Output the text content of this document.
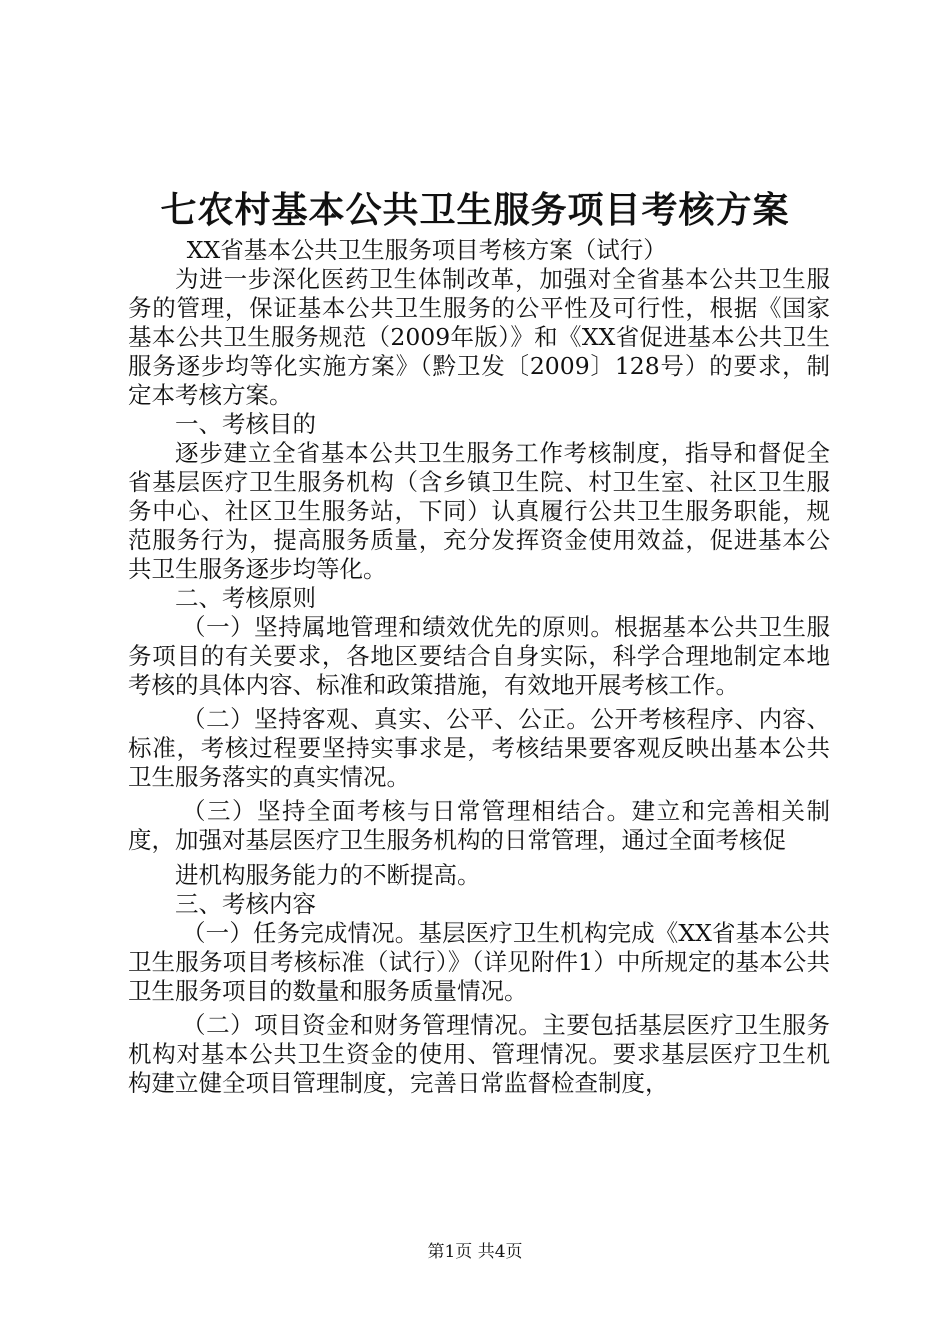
七农村基本公共卫生服务项目考核方案

XX省基本公共卫生服务项目考核方案（试行）

为进一步深化医药卫生体制改革，加强对全省基本公共卫生服务的管理，保证基本公共卫生服务的公平性及可行性，根据《国家基本公共卫生服务规范（2009年版）》和《XX省促进基本公共卫生服务逐步均等化实施方案》（黔卫发〔2009〕128号）的要求，制定本考核方案。

一、考核目的

逐步建立全省基本公共卫生服务工作考核制度，指导和督促全省基层医疗卫生服务机构（含乡镇卫生院、村卫生室、社区卫生服务中心、社区卫生服务站，下同）认真履行公共卫生服务职能，规范服务行为，提高服务质量，充分发挥资金使用效益，促进基本公共卫生服务逐步均等化。

二、考核原则

（一）坚持属地管理和绩效优先的原则。根据基本公共卫生服务项目的有关要求，各地区要结合自身实际，科学合理地制定本地考核的具体内容、标准和政策措施，有效地开展考核工作。

（二）坚持客观、真实、公平、公正。公开考核程序、内容、标准，考核过程要坚持实事求是，考核结果要客观反映出基本公共卫生服务落实的真实情况。

（三）坚持全面考核与日常管理相结合。建立和完善相关制度，加强对基层医疗卫生服务机构的日常管理，通过全面考核促

进机构服务能力的不断提高。

三、考核内容

（一）任务完成情况。基层医疗卫生机构完成《XX省基本公共卫生服务项目考核标准（试行）》（详见附件1）中所规定的基本公共卫生服务项目的数量和服务质量情况。

（二）项目资金和财务管理情况。主要包括基层医疗卫生服务机构对基本公共卫生资金的使用、管理情况。要求基层医疗卫生机构建立健全项目管理制度，完善日常监督检查制度，

第1页 共4页
